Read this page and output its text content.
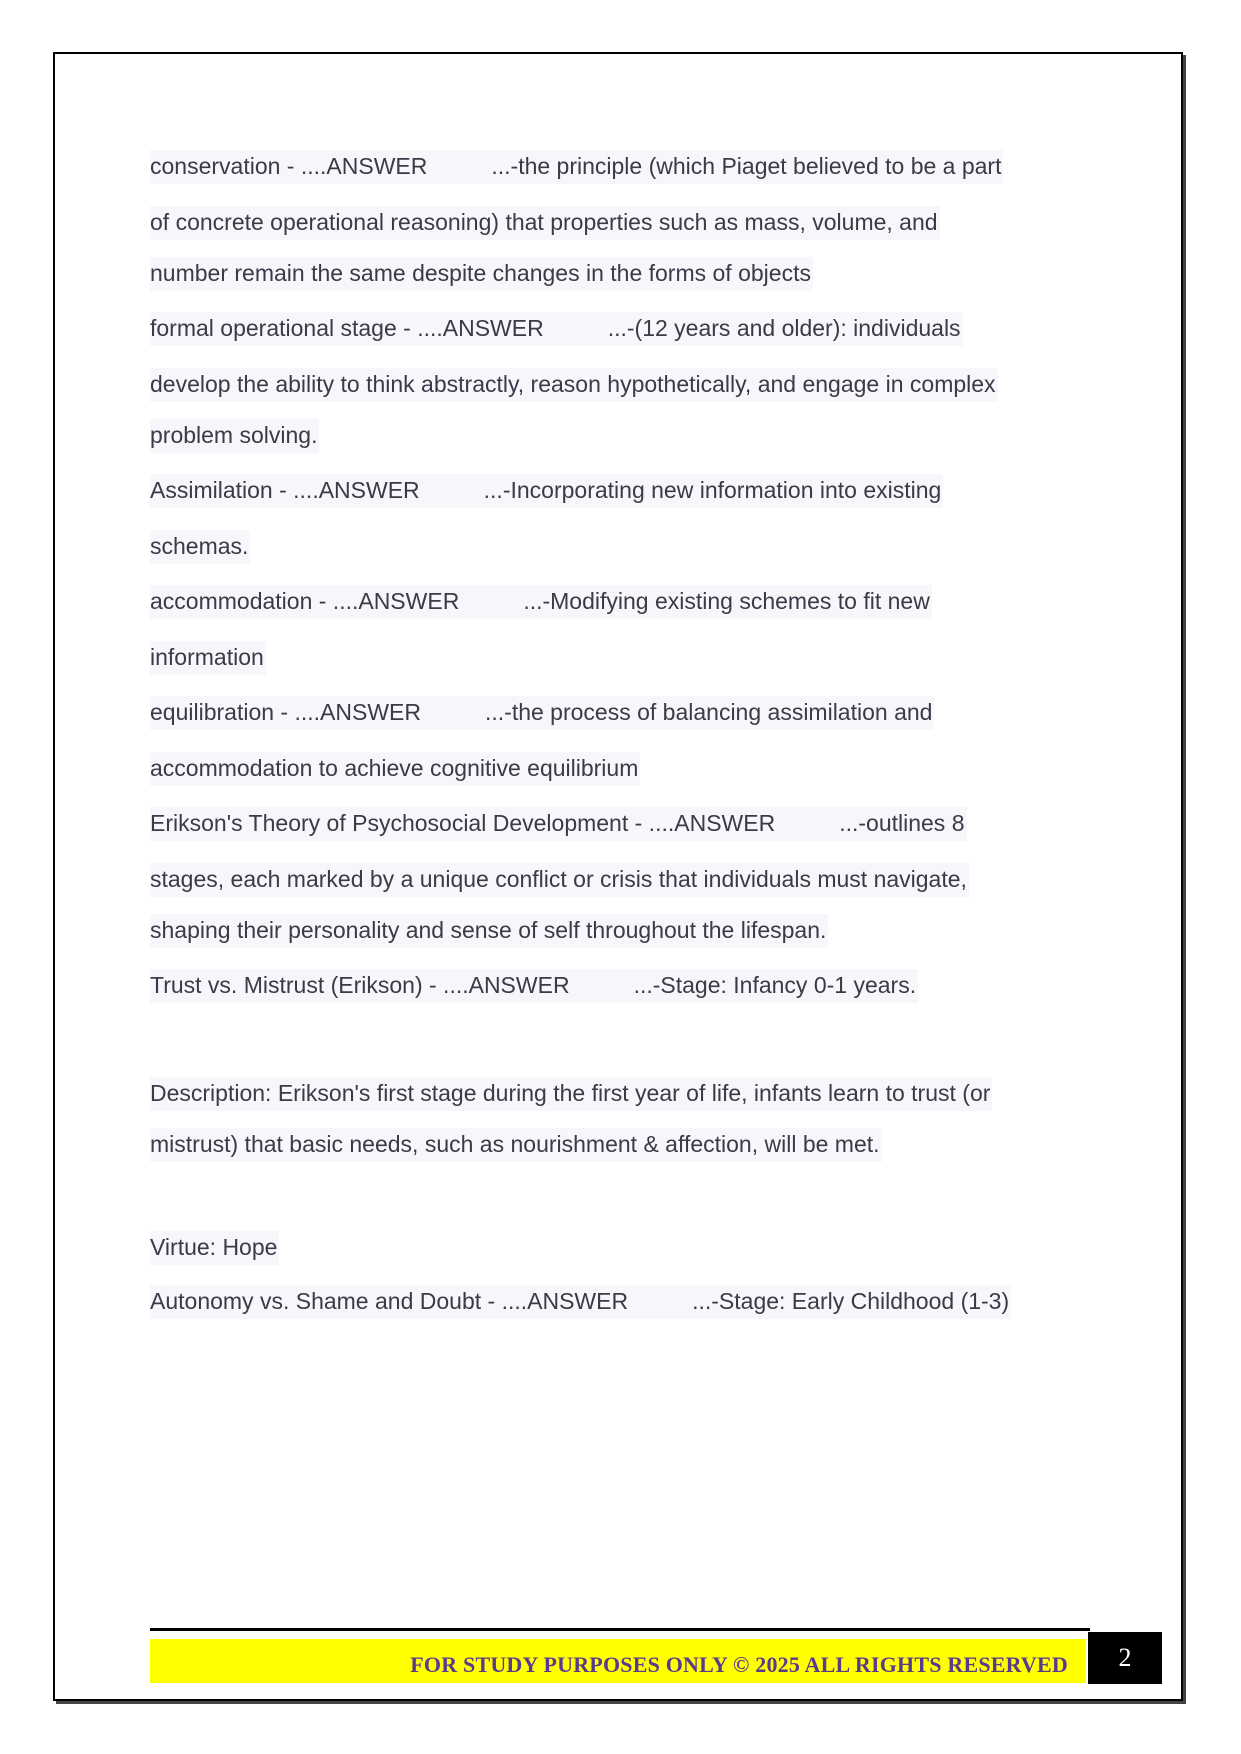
conservation - ....ANSWER	...-the principle (which Piaget believed to be a part
of concrete operational reasoning) that properties such as mass, volume, and
number remain the same despite changes in the forms of objects
formal operational stage - ....ANSWER	...-(12 years and older): individuals
develop the ability to think abstractly, reason hypothetically, and engage in complex
problem solving.
Assimilation - ....ANSWER	...-Incorporating new information into existing
schemas.
accommodation - ....ANSWER	...-Modifying existing schemes to fit new
information
equilibration - ....ANSWER	...-the process of balancing assimilation and
accommodation to achieve cognitive equilibrium
Erikson's Theory of Psychosocial Development - ....ANSWER	...-outlines 8
stages, each marked by a unique conflict or crisis that individuals must navigate,
shaping their personality and sense of self throughout the lifespan.
Trust vs. Mistrust (Erikson) - ....ANSWER	...-Stage: Infancy 0-1 years.
Description: Erikson's first stage during the first year of life, infants learn to trust (or
mistrust) that basic needs, such as nourishment & affection, will be met.
Virtue: Hope
Autonomy vs. Shame and Doubt - ....ANSWER	...-Stage: Early Childhood (1-3)
FOR STUDY PURPOSES ONLY © 2025 ALL RIGHTS RESERVED	2
